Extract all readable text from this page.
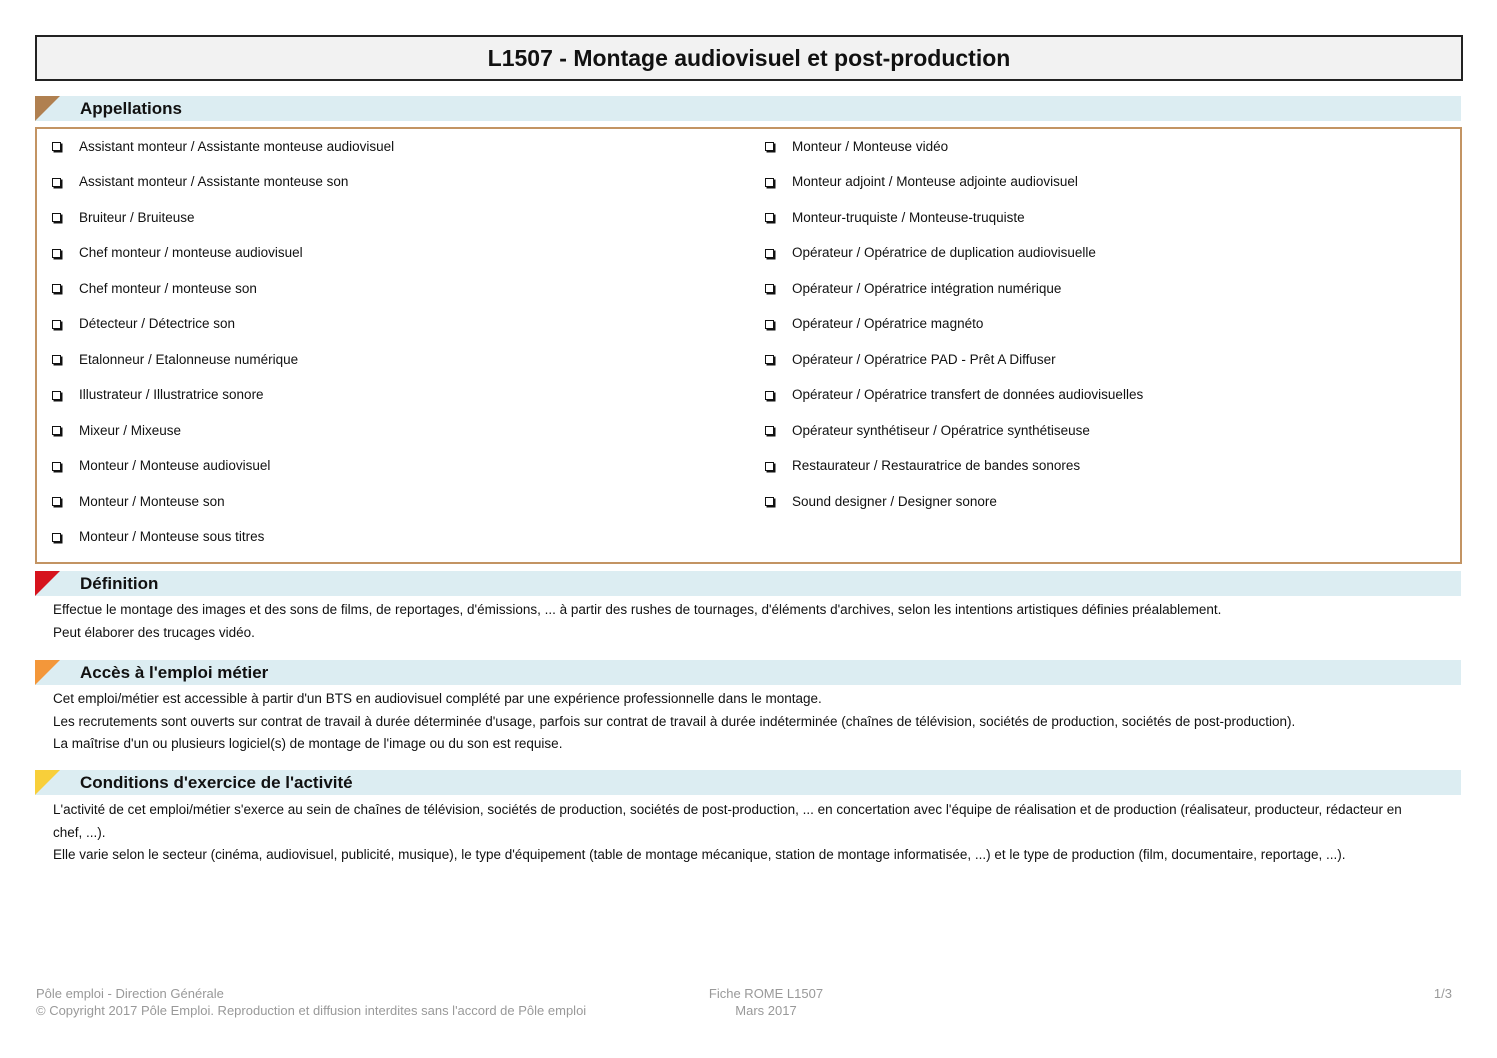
L1507 - Montage audiovisuel et post-production
Appellations
Assistant monteur / Assistante monteuse audiovisuel
Assistant monteur / Assistante monteuse son
Bruiteur / Bruiteuse
Chef monteur / monteuse audiovisuel
Chef monteur / monteuse son
Détecteur / Détectrice son
Etalonneur / Etalonneuse numérique
Illustrateur / Illustratrice sonore
Mixeur / Mixeuse
Monteur / Monteuse audiovisuel
Monteur / Monteuse son
Monteur / Monteuse sous titres
Monteur / Monteuse vidéo
Monteur adjoint / Monteuse adjointe audiovisuel
Monteur-truquiste / Monteuse-truquiste
Opérateur / Opératrice de duplication audiovisuelle
Opérateur / Opératrice intégration numérique
Opérateur / Opératrice magnéto
Opérateur / Opératrice PAD - Prêt A Diffuser
Opérateur / Opératrice transfert de données audiovisuelles
Opérateur synthétiseur / Opératrice synthétiseuse
Restaurateur / Restauratrice de bandes sonores
Sound designer / Designer sonore
Définition

Effectue le montage des images et des sons de films, de reportages, d'émissions, ... à partir des rushes de tournages, d'éléments d'archives, selon les intentions artistiques définies préalablement.

Peut élaborer des trucages vidéo.

Accès à l'emploi métier

Cet emploi/métier est accessible à partir d'un BTS en audiovisuel complété par une expérience professionnelle dans le montage.

Les recrutements sont ouverts sur contrat de travail à durée déterminée d'usage, parfois sur contrat de travail à durée indéterminée (chaînes de télévision, sociétés de production, sociétés de post-production).

La maîtrise d'un ou plusieurs logiciel(s) de montage de l'image ou du son est requise.

Conditions d'exercice de l'activité

L'activité de cet emploi/métier s'exerce au sein de chaînes de télévision, sociétés de production, sociétés de post-production, ... en concertation avec l'équipe de réalisation et de production (réalisateur, producteur, rédacteur en chef, ...).

Elle varie selon le secteur (cinéma, audiovisuel, publicité, musique), le type d'équipement (table de montage mécanique, station de montage informatisée, ...) et le type de production (film, documentaire, reportage, ...).

Pôle emploi - Direction Générale
© Copyright 2017 Pôle Emploi. Reproduction et diffusion interdites sans l'accord de Pôle emploi
Fiche ROME L1507
Mars 2017
1/3
